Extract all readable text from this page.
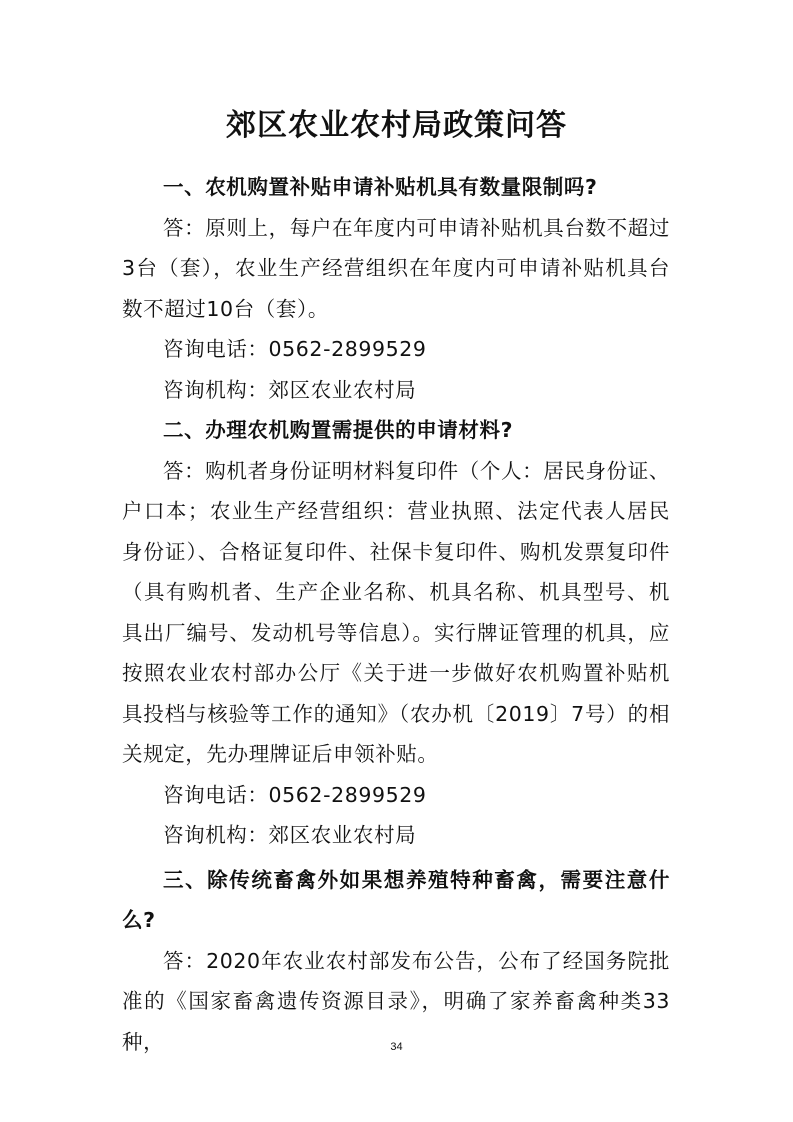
郊区农业农村局政策问答

一、农机购置补贴申请补贴机具有数量限制吗?

答：原则上，每户在年度内可申请补贴机具台数不超过3台（套），农业生产经营组织在年度内可申请补贴机具台数不超过10台（套）。

咨询电话：0562-2899529

咨询机构：郊区农业农村局

二、办理农机购置需提供的申请材料?

答：购机者身份证明材料复印件（个人：居民身份证、户口本；农业生产经营组织：营业执照、法定代表人居民身份证）、合格证复印件、社保卡复印件、购机发票复印件（具有购机者、生产企业名称、机具名称、机具型号、机具出厂编号、发动机号等信息）。实行牌证管理的机具，应按照农业农村部办公厅《关于进一步做好农机购置补贴机具投档与核验等工作的通知》（农办机〔2019〕7号）的相关规定，先办理牌证后申领补贴。

咨询电话：0562-2899529

咨询机构：郊区农业农村局

三、除传统畜禽外如果想养殖特种畜禽，需要注意什么?

答：2020年农业农村部发布公告，公布了经国务院批准的《国家畜禽遗传资源目录》，明确了家养畜禽种类33种，	34
